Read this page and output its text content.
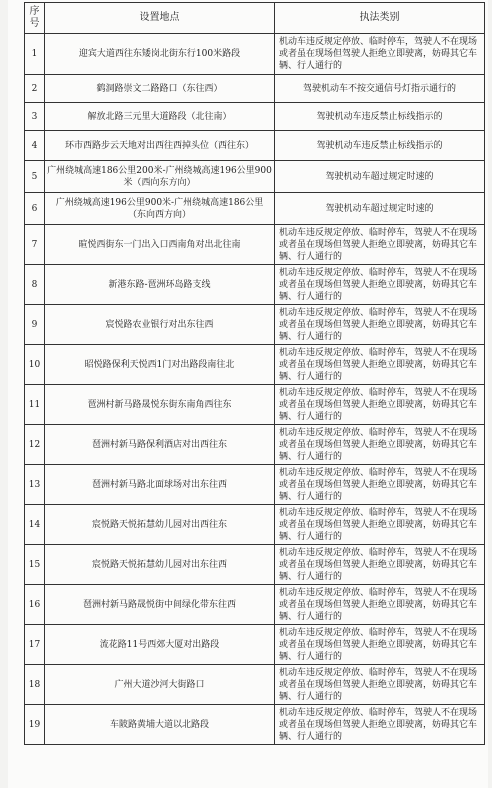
序号	设置地点	执法类别
1	迎宾大道西往东矮岗北街东行100米路段	机动车违反规定停放、临时停车，驾驶人不在现场或者虽在现场但驾驶人拒绝立即驶离，妨碍其它车辆、行人通行的
2	鹤洞路崇文二路路口（东往西）	驾驶机动车不按交通信号灯指示通行的
3	解放北路三元里大道路段（北往南）	驾驶机动车违反禁止标线指示的
4	环市西路步云天地对出西往西掉头位（西往东）	驾驶机动车违反禁止标线指示的
5	广州绕城高速186公里200米-广州绕城高速196公里900米（西向东方向）	驾驶机动车超过规定时速的
6	广州绕城高速196公里900米-广州绕城高速186公里（东向西方向）	驾驶机动车超过规定时速的
7	暄悦西街东一门出入口西南角对出北往南	机动车违反规定停放、临时停车，驾驶人不在现场或者虽在现场但驾驶人拒绝立即驶离，妨碍其它车辆、行人通行的
8	新港东路-琶洲环岛路支线	机动车违反规定停放、临时停车，驾驶人不在现场或者虽在现场但驾驶人拒绝立即驶离，妨碍其它车辆、行人通行的
9	宸悦路农业银行对出东往西	机动车违反规定停放、临时停车，驾驶人不在现场或者虽在现场但驾驶人拒绝立即驶离，妨碍其它车辆、行人通行的
10	昭悦路保利天悦西1门对出路段南往北	机动车违反规定停放、临时停车，驾驶人不在现场或者虽在现场但驾驶人拒绝立即驶离，妨碍其它车辆、行人通行的
11	琶洲村新马路晟悦东街东南角西往东	机动车违反规定停放、临时停车，驾驶人不在现场或者虽在现场但驾驶人拒绝立即驶离，妨碍其它车辆、行人通行的
12	琶洲村新马路保利酒店对出西往东	机动车违反规定停放、临时停车，驾驶人不在现场或者虽在现场但驾驶人拒绝立即驶离，妨碍其它车辆、行人通行的
13	琶洲村新马路北面球场对出东往西	机动车违反规定停放、临时停车，驾驶人不在现场或者虽在现场但驾驶人拒绝立即驶离，妨碍其它车辆、行人通行的
14	宸悦路天悦拓慧幼儿园对出西往东	机动车违反规定停放、临时停车，驾驶人不在现场或者虽在现场但驾驶人拒绝立即驶离，妨碍其它车辆、行人通行的
15	宸悦路天悦拓慧幼儿园对出东往西	机动车违反规定停放、临时停车，驾驶人不在现场或者虽在现场但驾驶人拒绝立即驶离，妨碍其它车辆、行人通行的
16	琶洲村新马路晟悦街中间绿化带东往西	机动车违反规定停放、临时停车，驾驶人不在现场或者虽在现场但驾驶人拒绝立即驶离，妨碍其它车辆、行人通行的
17	流花路11号西郊大厦对出路段	机动车违反规定停放、临时停车，驾驶人不在现场或者虽在现场但驾驶人拒绝立即驶离，妨碍其它车辆、行人通行的
18	广州大道沙河大街路口	机动车违反规定停放、临时停车，驾驶人不在现场或者虽在现场但驾驶人拒绝立即驶离，妨碍其它车辆、行人通行的
19	车陂路黄埔大道以北路段	机动车违反规定停放、临时停车，驾驶人不在现场或者虽在现场但驾驶人拒绝立即驶离，妨碍其它车辆、行人通行的
